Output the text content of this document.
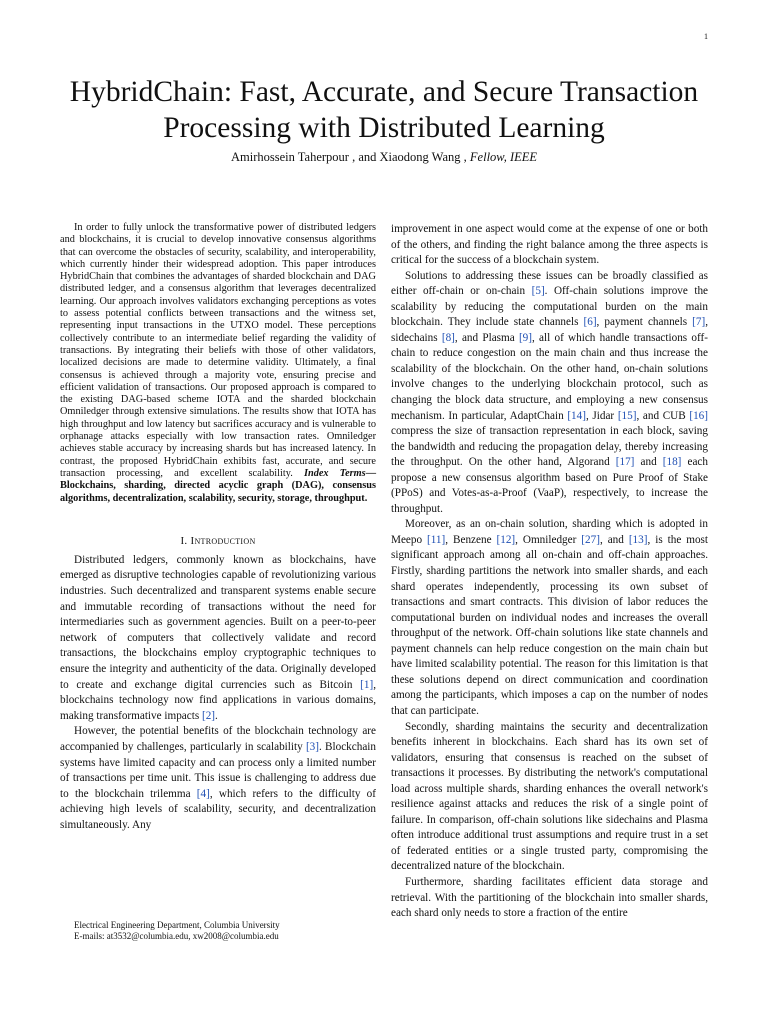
1
HybridChain: Fast, Accurate, and Secure Transaction Processing with Distributed Learning
Amirhossein Taherpour , and Xiaodong Wang , Fellow, IEEE

In order to fully unlock the transformative power of distributed ledgers and blockchains, it is crucial to develop innovative consensus algorithms that can overcome the obstacles of security, scalability, and interoperability, which currently hinder their widespread adoption. This paper introduces HybridChain that combines the advantages of sharded blockchain and DAG distributed ledger, and a consensus algorithm that leverages decentralized learning. Our approach involves validators exchanging perceptions as votes to assess potential conflicts between transactions and the witness set, representing input transactions in the UTXO model. These perceptions collectively contribute to an intermediate belief regarding the validity of transactions. By integrating their beliefs with those of other validators, localized decisions are made to determine validity. Ultimately, a final consensus is achieved through a majority vote, ensuring precise and efficient validation of transactions. Our proposed approach is compared to the existing DAG-based scheme IOTA and the sharded blockchain Omniledger through extensive simulations. The results show that IOTA has high throughput and low latency but sacrifices accuracy and is vulnerable to orphanage attacks especially with low transaction rates. Omniledger achieves stable accuracy by increasing shards but has increased latency. In contrast, the proposed HybridChain exhibits fast, accurate, and secure transaction processing, and excellent scalability. Index Terms—Blockchains, sharding, directed acyclic graph (DAG), consensus algorithms, decentralization, scalability, security, storage, throughput.

I. Introduction

Distributed ledgers, commonly known as blockchains, have emerged as disruptive technologies capable of revolutionizing various industries. Such decentralized and transparent systems enable secure and immutable recording of transactions without the need for intermediaries such as government agencies. Built on a peer-to-peer network of computers that collectively validate and record transactions, the blockchains employ cryptographic techniques to ensure the integrity and authenticity of the data. Originally developed to create and exchange digital currencies such as Bitcoin [1], blockchains technology now find applications in various domains, making transformative impacts [2].

However, the potential benefits of the blockchain technology are accompanied by challenges, particularly in scalability [3]. Blockchain systems have limited capacity and can process only a limited number of transactions per time unit. This issue is challenging to address due to the blockchain trilemma [4], which refers to the difficulty of achieving high levels of scalability, security, and decentralization simultaneously. Any

Electrical Engineering Department, Columbia University
E-mails: at3532@columbia.edu, xw2008@columbia.edu

improvement in one aspect would come at the expense of one or both of the others, and finding the right balance among the three aspects is critical for the success of a blockchain system.

Solutions to addressing these issues can be broadly classified as either off-chain or on-chain [5]. Off-chain solutions improve the scalability by reducing the computational burden on the main blockchain. They include state channels [6], payment channels [7], sidechains [8], and Plasma [9], all of which handle transactions off-chain to reduce congestion on the main chain and thus increase the scalability of the blockchain. On the other hand, on-chain solutions involve changes to the underlying blockchain protocol, such as changing the block data structure, and employing a new consensus mechanism. In particular, AdaptChain [14], Jidar [15], and CUB [16] compress the size of transaction representation in each block, saving the bandwidth and reducing the propagation delay, thereby increasing the throughput. On the other hand, Algorand [17] and [18] each propose a new consensus algorithm based on Pure Proof of Stake (PPoS) and Votes-as-a-Proof (VaaP), respectively, to increase the throughput.

Moreover, as an on-chain solution, sharding which is adopted in Meepo [11], Benzene [12], Omniledger [27], and [13], is the most significant approach among all on-chain and off-chain approaches. Firstly, sharding partitions the network into smaller shards, and each shard operates independently, processing its own subset of transactions and smart contracts. This division of labor reduces the computational burden on individual nodes and increases the overall throughput of the network. Off-chain solutions like state channels and payment channels can help reduce congestion on the main chain but have limited scalability potential. The reason for this limitation is that these solutions depend on direct communication and coordination among the participants, which imposes a cap on the number of nodes that can participate.

Secondly, sharding maintains the security and decentralization benefits inherent in blockchains. Each shard has its own set of validators, ensuring that consensus is reached on the subset of transactions it processes. By distributing the network's computational load across multiple shards, sharding enhances the overall network's resilience against attacks and reduces the risk of a single point of failure. In comparison, off-chain solutions like sidechains and Plasma often introduce additional trust assumptions and require trust in a set of federated entities or a single trusted party, compromising the decentralized nature of the blockchain.

Furthermore, sharding facilitates efficient data storage and retrieval. With the partitioning of the blockchain into smaller shards, each shard only needs to store a fraction of the entire
